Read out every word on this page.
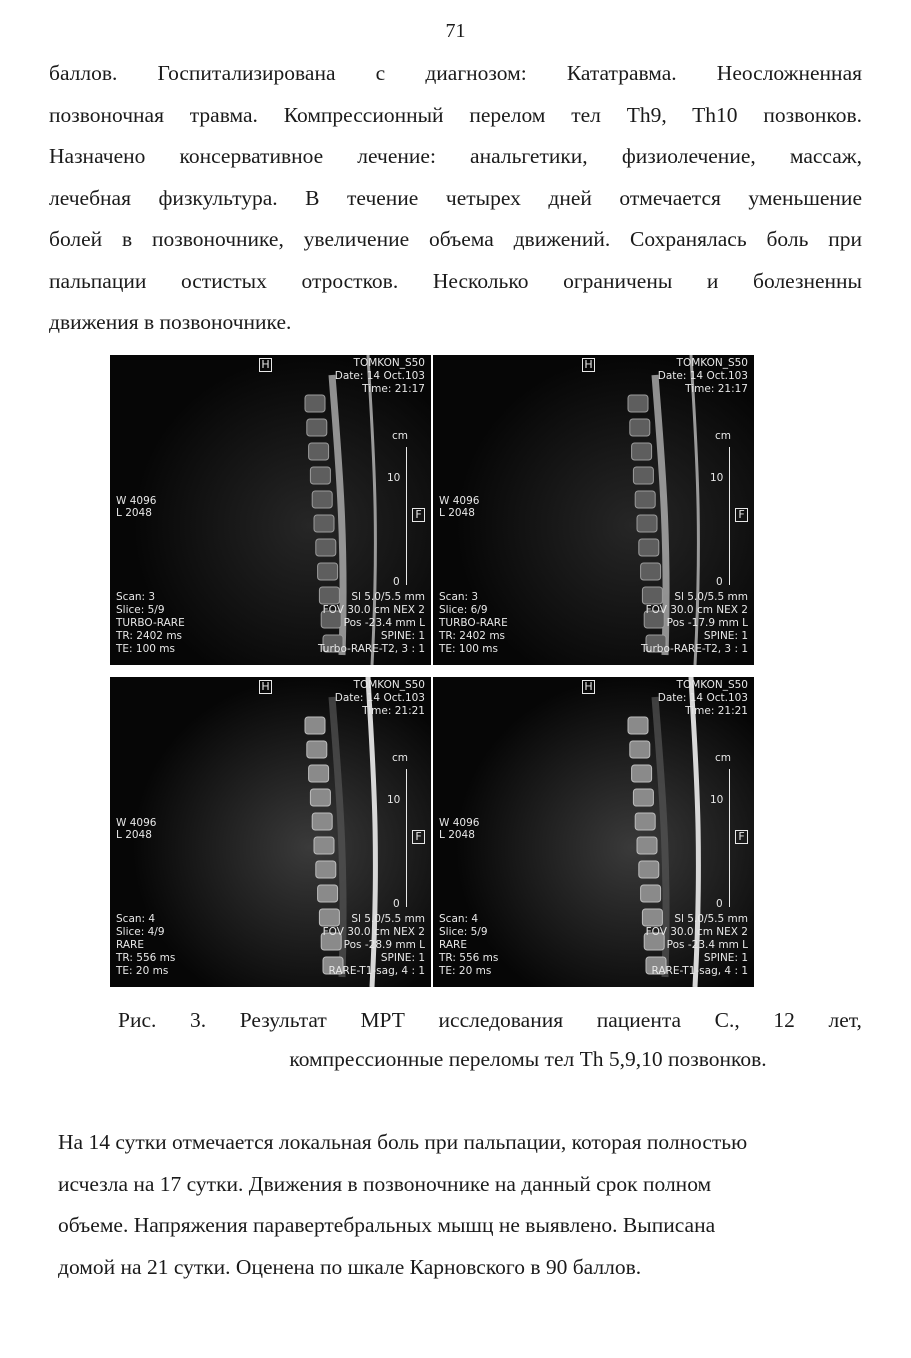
71
баллов. Госпитализирована с диагнозом: Кататравма. Неосложненная
позвоночная травма. Компрессионный перелом тел Th9, Th10 позвонков.
Назначено консервативное лечение: анальгетики, физиолечение, массаж,
лечебная физкультура. В течение четырех дней отмечается уменьшение
болей в позвоночнике, увеличение объема движений. Сохранялась боль при
пальпации остистых отростков. Несколько ограничены и болезненны
движения в позвоночнике.
H	TOMKON_S50
Date: 14 Oct.103
Time: 21:17
cm
10
0
F
W 4096
L 2048
Scan: 3	Sl 5.0/5.5 mm
Slice: 5/9	FOV 30.0 cm NEX 2
TURBO-RARE	Pos -23.4 mm L
TR: 2402 ms	SPINE: 1
TE: 100 ms	Turbo-RARE-T2, 3 : 1
H	TOMKON_S50
Date: 14 Oct.103
Time: 21:17
cm
10
0
F
W 4096
L 2048
Scan: 3	Sl 5.0/5.5 mm
Slice: 6/9	FOV 30.0 cm NEX 2
TURBO-RARE	Pos -17.9 mm L
TR: 2402 ms	SPINE: 1
TE: 100 ms	Turbo-RARE-T2, 3 : 1
H	TOMKON_S50
Date: 14 Oct.103
Time: 21:21
cm
10
0
F
W 4096
L 2048
Scan: 4	Sl 5.0/5.5 mm
Slice: 4/9	FOV 30.0 cm NEX 2
RARE	Pos -28.9 mm L
TR: 556 ms	SPINE: 1
TE: 20 ms	RARE-T1-sag, 4 : 1
H	TOMKON_S50
Date: 14 Oct.103
Time: 21:21
cm
10
0
F
W 4096
L 2048
Scan: 4	Sl 5.0/5.5 mm
Slice: 5/9	FOV 30.0 cm NEX 2
RARE	Pos -23.4 mm L
TR: 556 ms	SPINE: 1
TE: 20 ms	RARE-T1-sag, 4 : 1
Рис. 3. Результат МРТ исследования пациента С., 12 лет,
компрессионные переломы тел Th 5,9,10 позвонков.
На 14 сутки отмечается локальная боль при пальпации, которая полностью
исчезла на 17 сутки. Движения в позвоночнике на данный срок полном
объеме. Напряжения паравертебральных мышц не выявлено. Выписана
домой на 21 сутки. Оценена по шкале Карновского в 90 баллов.
